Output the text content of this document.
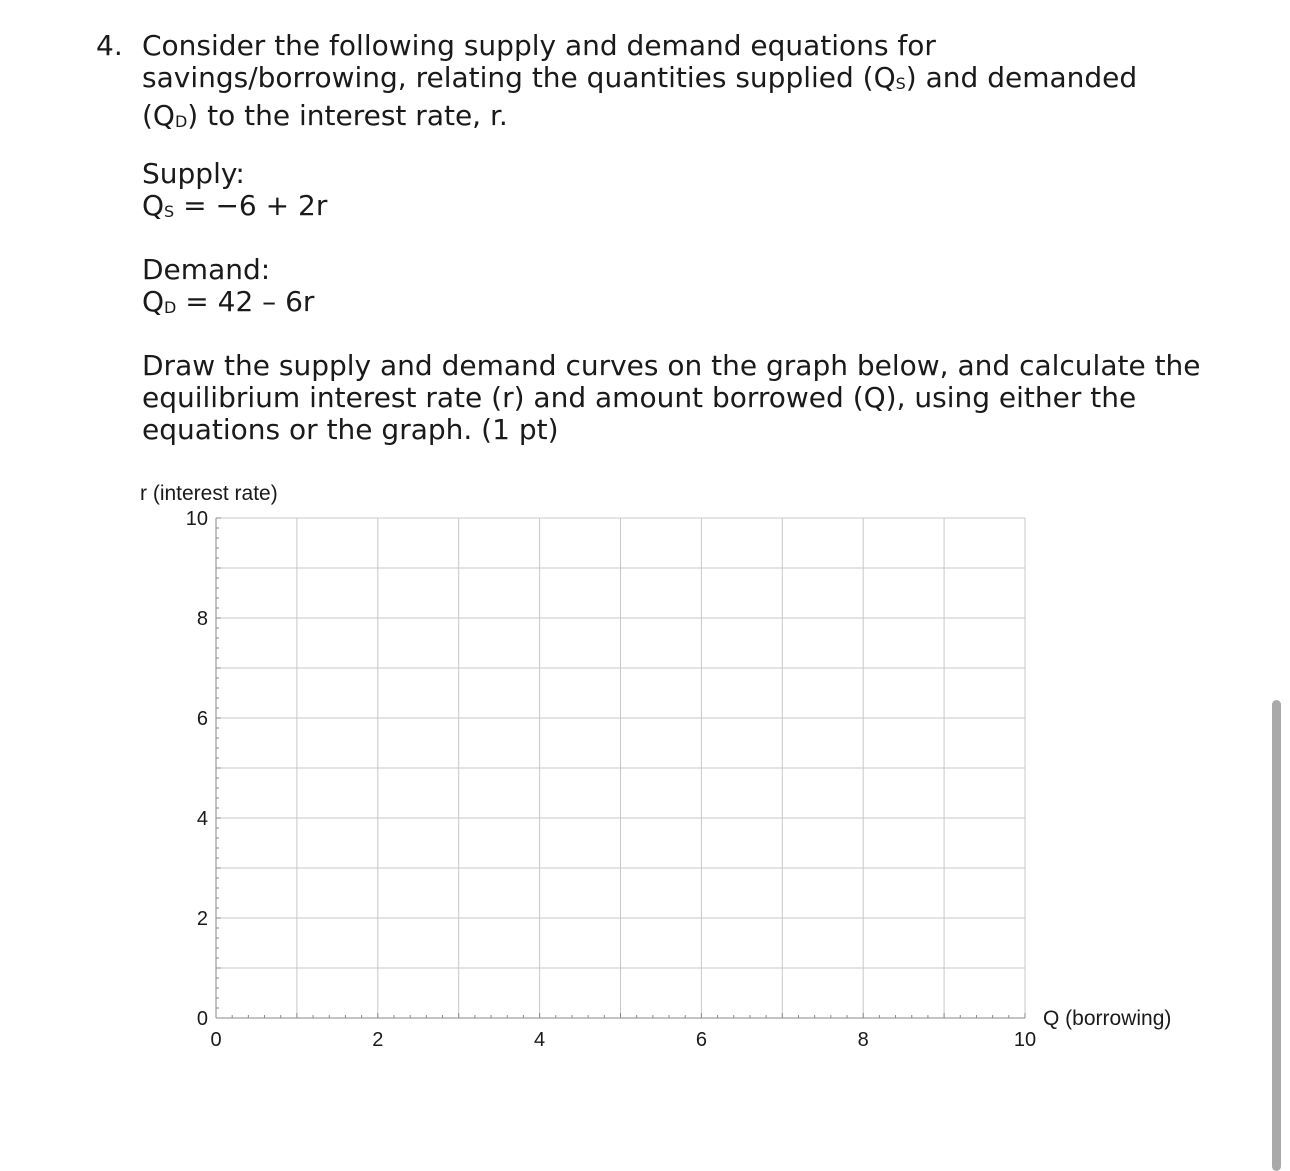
4. Consider the following supply and demand equations for savings/borrowing, relating the quantities supplied (QS) and demanded (QD) to the interest rate, r.

Supply:

QS = −6 + 2r

Demand:

QD = 42 – 6r

Draw the supply and demand curves on the graph below, and calculate the equilibrium interest rate (r) and amount borrowed (Q), using either the equations or the graph. (1 pt)

0
2
4
6
8
10
0	2	4	6	8	10
r (interest rate)
Q (borrowing)
